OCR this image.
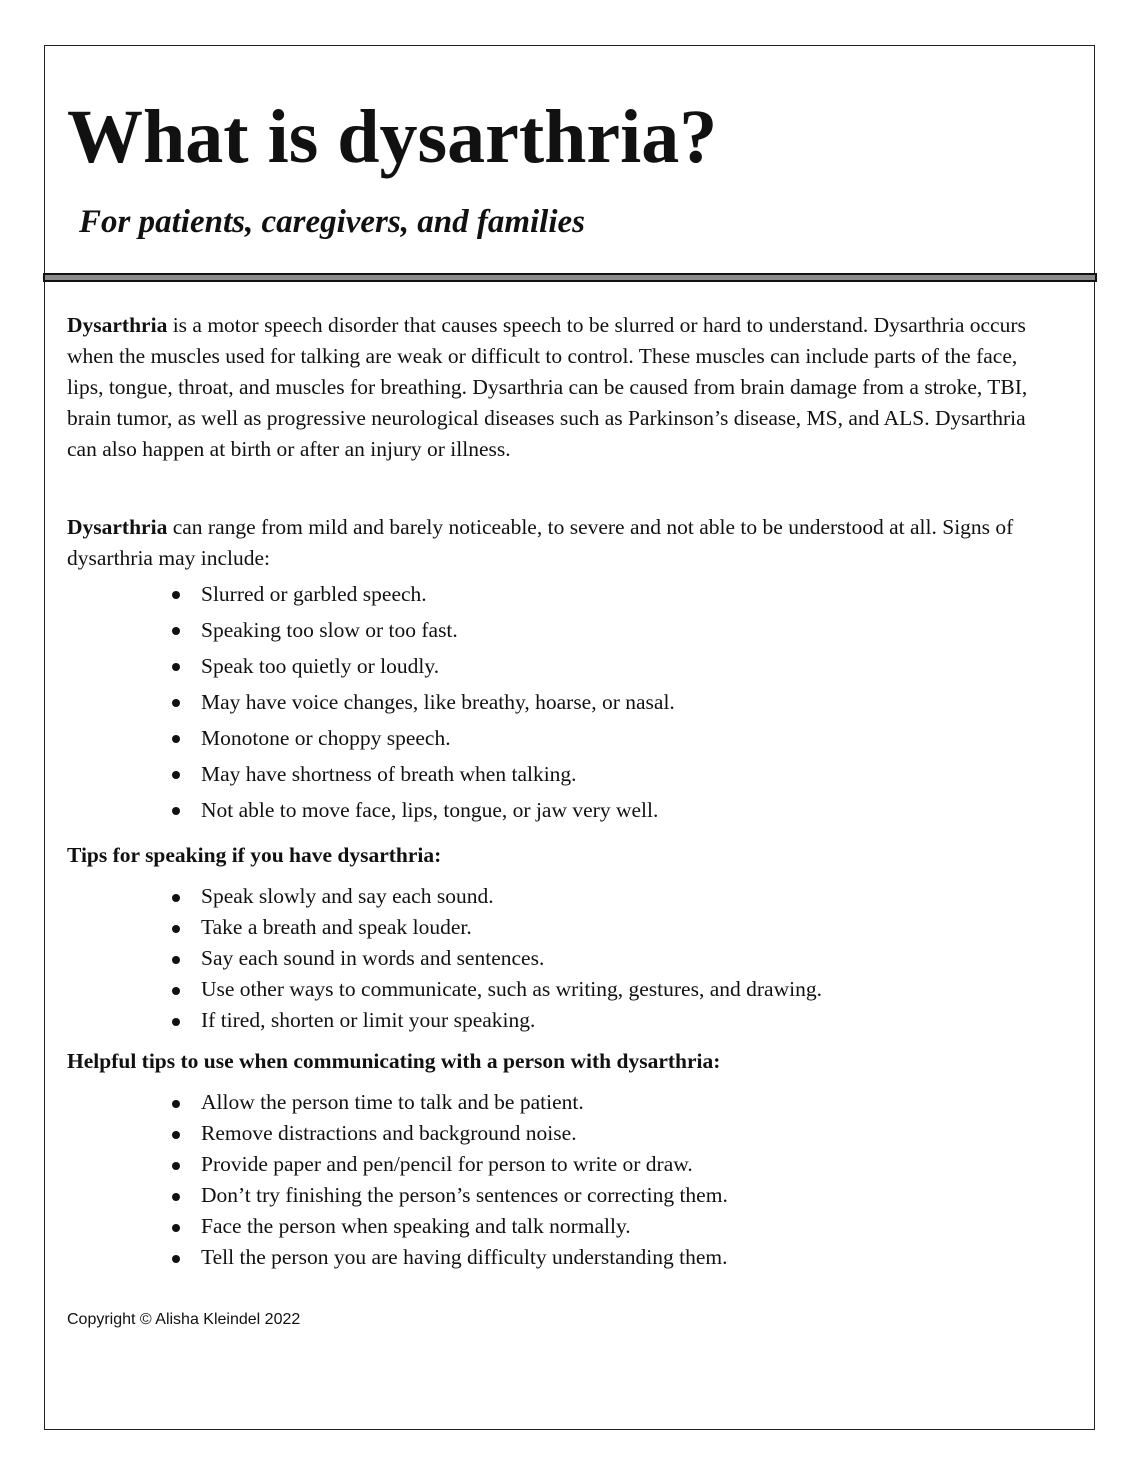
What is dysarthria?

For patients, caregivers, and families

Dysarthria is a motor speech disorder that causes speech to be slurred or hard to understand. Dysarthria occurs when the muscles used for talking are weak or difficult to control. These muscles can include parts of the face, lips, tongue, throat, and muscles for breathing. Dysarthria can be caused from brain damage from a stroke, TBI, brain tumor, as well as progressive neurological diseases such as Parkinson’s disease, MS, and ALS. Dysarthria can also happen at birth or after an injury or illness.

Dysarthria can range from mild and barely noticeable, to severe and not able to be understood at all. Signs of dysarthria may include:

Slurred or garbled speech.
Speaking too slow or too fast.
Speak too quietly or loudly.
May have voice changes, like breathy, hoarse, or nasal.
Monotone or choppy speech.
May have shortness of breath when talking.
Not able to move face, lips, tongue, or jaw very well.

Tips for speaking if you have dysarthria:

Speak slowly and say each sound.
Take a breath and speak louder.
Say each sound in words and sentences.
Use other ways to communicate, such as writing, gestures, and drawing.
If tired, shorten or limit your speaking.

Helpful tips to use when communicating with a person with dysarthria:

Allow the person time to talk and be patient.
Remove distractions and background noise.
Provide paper and pen/pencil for person to write or draw.
Don’t try finishing the person’s sentences or correcting them.
Face the person when speaking and talk normally.
Tell the person you are having difficulty understanding them.
Copyright © Alisha Kleindel 2022
